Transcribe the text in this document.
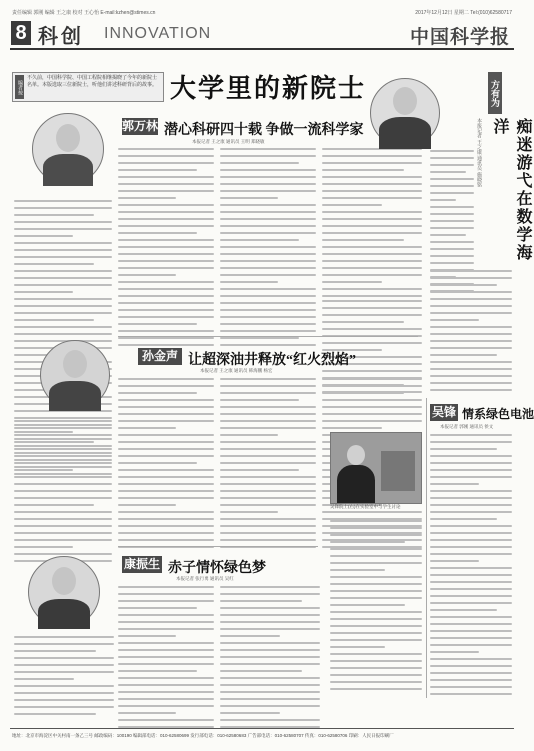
责任编辑 郭刚 编辑 王之康 校对 王心怡 E-mail:kzhen@stimes.cn	2017年12月12日 星期二 Tel:(010)62580717
8 科创 INNOVATION	中国科学报
编者按
不久前，中国科学院、中国工程院相继揭晓了今年的新院士名单。本版选取三位新院士，听他们讲述科研背后的故事。 大学里的新院士
郭万林 潜心科研四十载 争做一流科学家
本报记者 王之康 通讯员 王明 郑晓敏
方有为
痴迷游弋在数学海洋
本报记者 王之康 通讯员 施晓铭
孙金声 让超深油井释放“红火烈焰”
本报记者 王之康 通讯员 韩海鹏 杨宏
吴锋 情系绿色电池
本报记者 郭刚 通讯员 侯文
吴锋院士(右)在实验室中与学生讨论
康振生 赤子情怀绿色梦
本报记者 张行勇 通讯员 吴红
地址：北京市海淀区中关村南一条乙三号 邮政编码：100190 编辑部电话：010-62580699 发行部电话：010-62580683 广告部电话：010-62580707 传真：010-62580706 印刷：人民日报印刷厂
